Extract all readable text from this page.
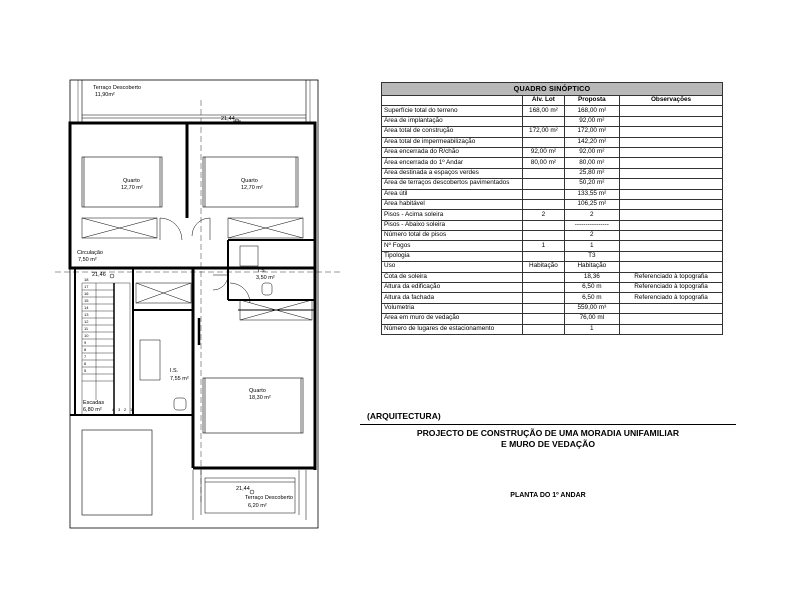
Terraço Descoberto
11,90m²
21,44
Quarto
12,70 m²
Quarto
12,70 m²
Circulação
7,50 m²
I.S.
3,50 m²
I.S.
7,55 m²
Quarto
18,30 m²
Escadas
6,80 m²
18
17
16
15
14
13
12
11
10
9
8
7
6
5
4 3 2 1
21,46
21,44
Terraço Descoberto
6,20 m²
QUADRO SINÓPTICO			
	Alv. Lot	Proposta	Observações
Superfície total do terreno	168,00 m²	168,00 m²	
Área de implantação		92,00 m²	
Área total de construção	172,00 m²	172,00 m²	
Área total de impermeabilização		142,20 m²	
Área encerrada do R/chão	92,00 m²	92,00 m²	
Área encerrada do 1º Andar	80,00 m²	80,00 m²	
Área destinada a espaços verdes		25,80 m²	
Área de terraços descobertos pavimentados		50,20 m²	
Área útil		133,55 m²	
Área habitável		106,25 m²	
Pisos - Acima soleira	2	2	
Pisos - Abaixo soleira		----------------	
Número total de pisos		2	
Nº Fogos	1	1	
Tipologia		T3	
Uso	Habitação	Habitação	
Cota de soleira		18,36	Referenciado à topografia
Altura da edificação		6,50 m	Referenciado à topografia
Altura da fachada		6,50 m	Referenciado à topografia
Volumetria		559,00 m³	
Área em muro de vedação		76,00 ml	
Número de lugares de estacionamento		1	
(ARQUITECTURA)
PROJECTO DE CONSTRUÇÃO DE UMA MORADIA UNIFAMILIAR
E MURO DE VEDAÇÃO
PLANTA DO 1º ANDAR
